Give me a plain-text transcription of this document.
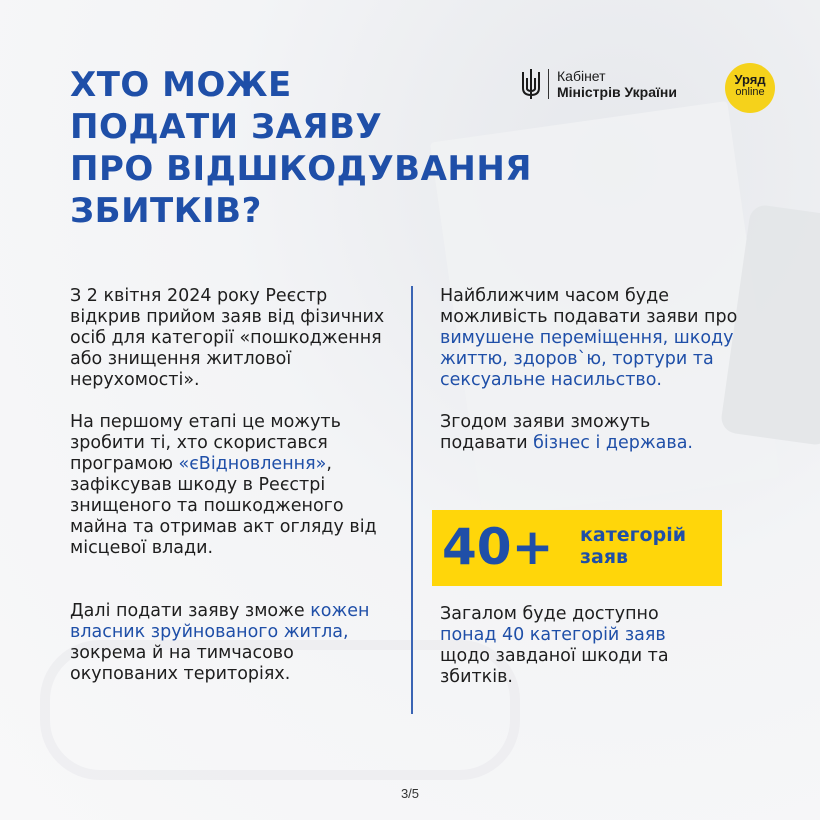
ХТО МОЖЕ
ПОДАТИ ЗАЯВУ
ПРО ВІДШКОДУВАННЯ
ЗБИТКІВ?
Кабінет
Міністрів України
Уряд
online

З 2 квітня 2024 року Реєстр відкрив прийом заяв від фізичних осіб для категорії «пошкодження або знищення житлової нерухомості».

На першому етапі це можуть зробити ті, хто скористався програмою «єВідновлення», зафіксував шкоду в Реєстрі знищеного та пошкодженого майна та отримав акт огляду від місцевої влади.

Далі подати заяву зможе кожен власник зруйнованого житла, зокрема й на тимчасово окупованих територіях.

Найближчим часом буде можливість подавати заяви про вимушене переміщення, шкоду життю, здоров`ю, тортури та сексуальне насильство.

Згодом заяви зможуть подавати бізнес і держава.

40+ категорій
заяв

Загалом буде доступно понад 40 категорій заяв щодо завданої шкоди та збитків.

3/5
